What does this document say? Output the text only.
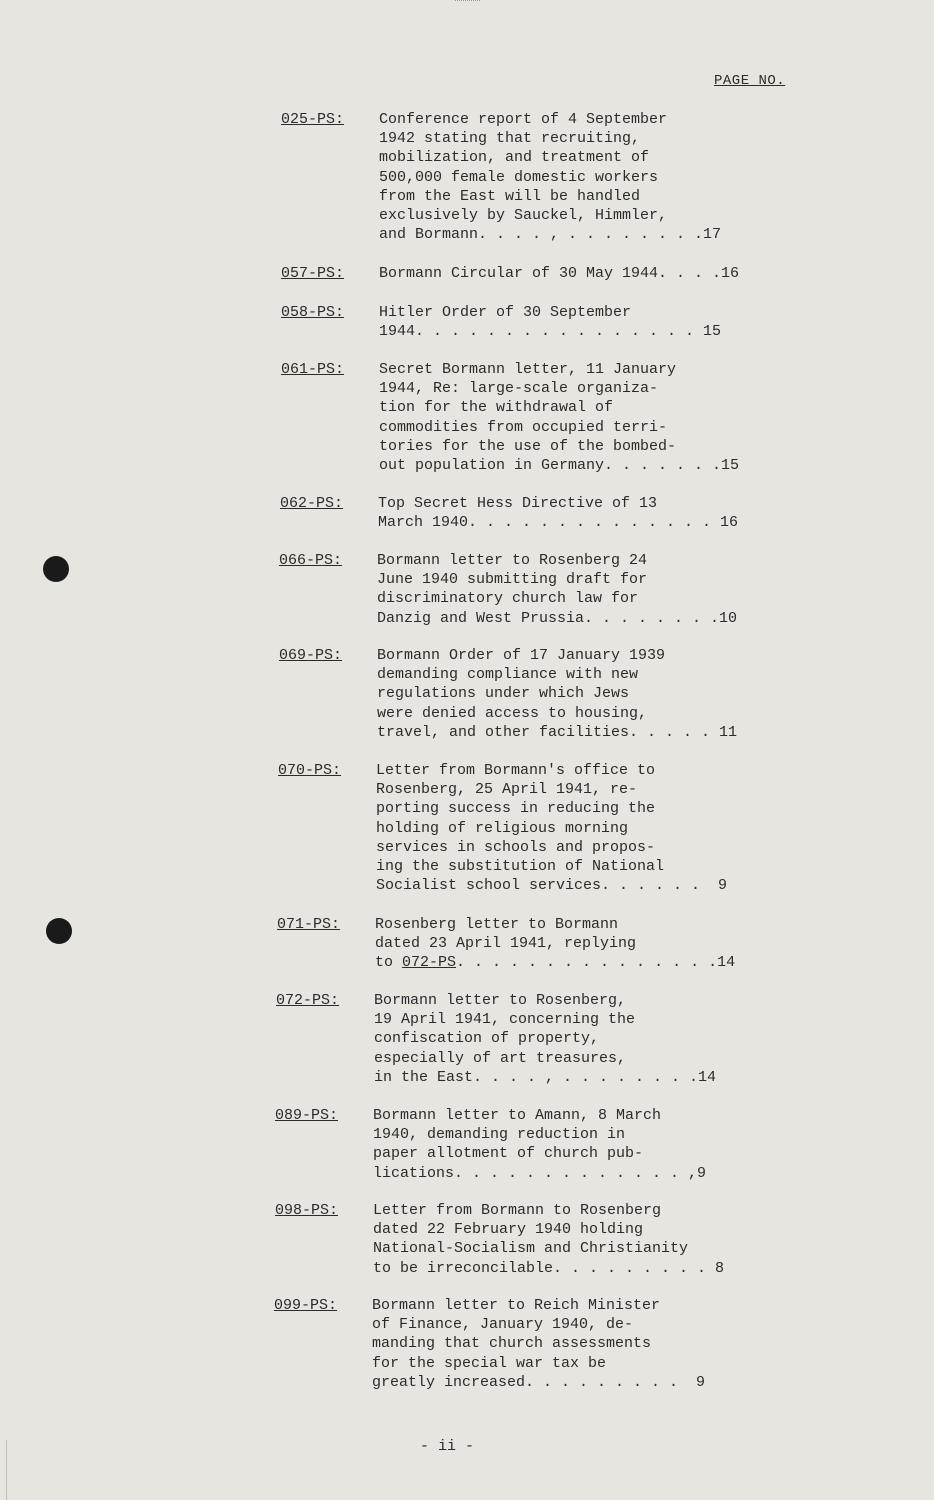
PAGE NO.
025-PS: Conference report of 4 September
1942 stating that recruiting,
mobilization, and treatment of
500,000 female domestic workers
from the East will be handled
exclusively by Sauckel, Himmler,
and Bormann. . . . , . . . . . . . .17
057-PS: Bormann Circular of 30 May 1944. . . .16
058-PS: Hitler Order of 30 September
1944. . . . . . . . . . . . . . . . 15
061-PS: Secret Bormann letter, 11 January
1944, Re: large-scale organiza-
tion for the withdrawal of
commodities from occupied terri-
tories for the use of the bombed-
out population in Germany. . . . . . .15
062-PS: Top Secret Hess Directive of 13
March 1940. . . . . . . . . . . . . . 16
066-PS: Bormann letter to Rosenberg 24
June 1940 submitting draft for
discriminatory church law for
Danzig and West Prussia. . . . . . . .10
069-PS: Bormann Order of 17 January 1939
demanding compliance with new
regulations under which Jews
were denied access to housing,
travel, and other facilities. . . . . 11
070-PS: Letter from Bormann's office to
Rosenberg, 25 April 1941, re-
porting success in reducing the
holding of religious morning
services in schools and propos-
ing the substitution of National
Socialist school services. . . . . .  9
071-PS: Rosenberg letter to Bormann
dated 23 April 1941, replying
to 072-PS. . . . . . . . . . . . . . .14
072-PS: Bormann letter to Rosenberg,
19 April 1941, concerning the
confiscation of property,
especially of art treasures,
in the East. . . . , . . . . . . . .14
089-PS: Bormann letter to Amann, 8 March
1940, demanding reduction in
paper allotment of church pub-
lications. . . . . . . . . . . . . ,9
098-PS: Letter from Bormann to Rosenberg
dated 22 February 1940 holding
National-Socialism and Christianity
to be irreconcilable. . . . . . . . . 8
099-PS: Bormann letter to Reich Minister
of Finance, January 1940, de-
manding that church assessments
for the special war tax be
greatly increased. . . . . . . . .  9
- ii -
